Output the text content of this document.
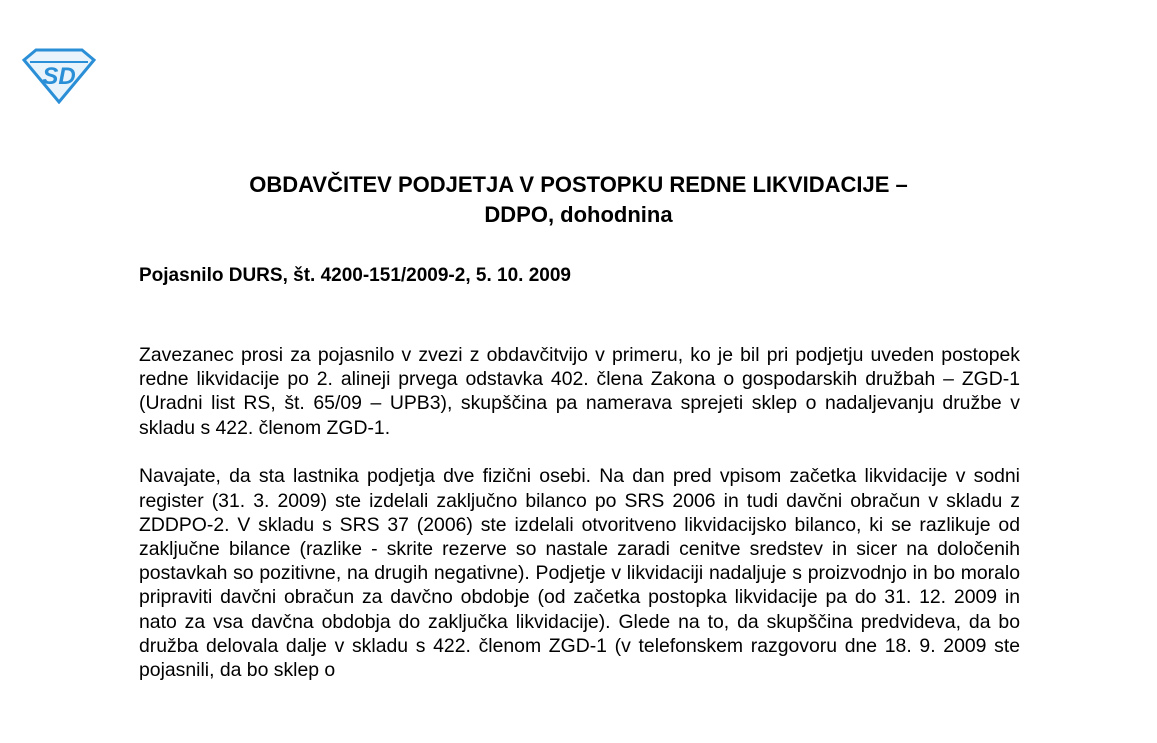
SD
OBDAVČITEV PODJETJA V POSTOPKU REDNE LIKVIDACIJE –
DDPO, dohodnina

Pojasnilo DURS, št. 4200-151/2009-2, 5. 10. 2009

Zavezanec prosi za pojasnilo v zvezi z obdavčitvijo v primeru, ko je bil pri podjetju uveden postopek redne likvidacije po 2. alineji prvega odstavka 402. člena Zakona o gospodarskih družbah – ZGD-1 (Uradni list RS, št. 65/09 – UPB3), skupščina pa namerava sprejeti sklep o nadaljevanju družbe v skladu s 422. členom ZGD-1.

Navajate, da sta lastnika podjetja dve fizični osebi. Na dan pred vpisom začetka likvidacije v sodni register (31. 3. 2009) ste izdelali zaključno bilanco po SRS 2006 in tudi davčni obračun v skladu z ZDDPO-2. V skladu s SRS 37 (2006) ste izdelali otvoritveno likvidacijsko bilanco, ki se razlikuje od zaključne bilance (razlike - skrite rezerve so nastale zaradi cenitve sredstev in sicer na določenih postavkah so pozitivne, na drugih negativne). Podjetje v likvidaciji nadaljuje s proizvodnjo in bo moralo pripraviti davčni obračun za davčno obdobje (od začetka postopka likvidacije pa do 31. 12. 2009 in nato za vsa davčna obdobja do zaključka likvidacije). Glede na to, da skupščina predvideva, da bo družba delovala dalje v skladu s 422. členom ZGD-1 (v telefonskem razgovoru dne 18. 9. 2009 ste pojasnili, da bo sklep o
